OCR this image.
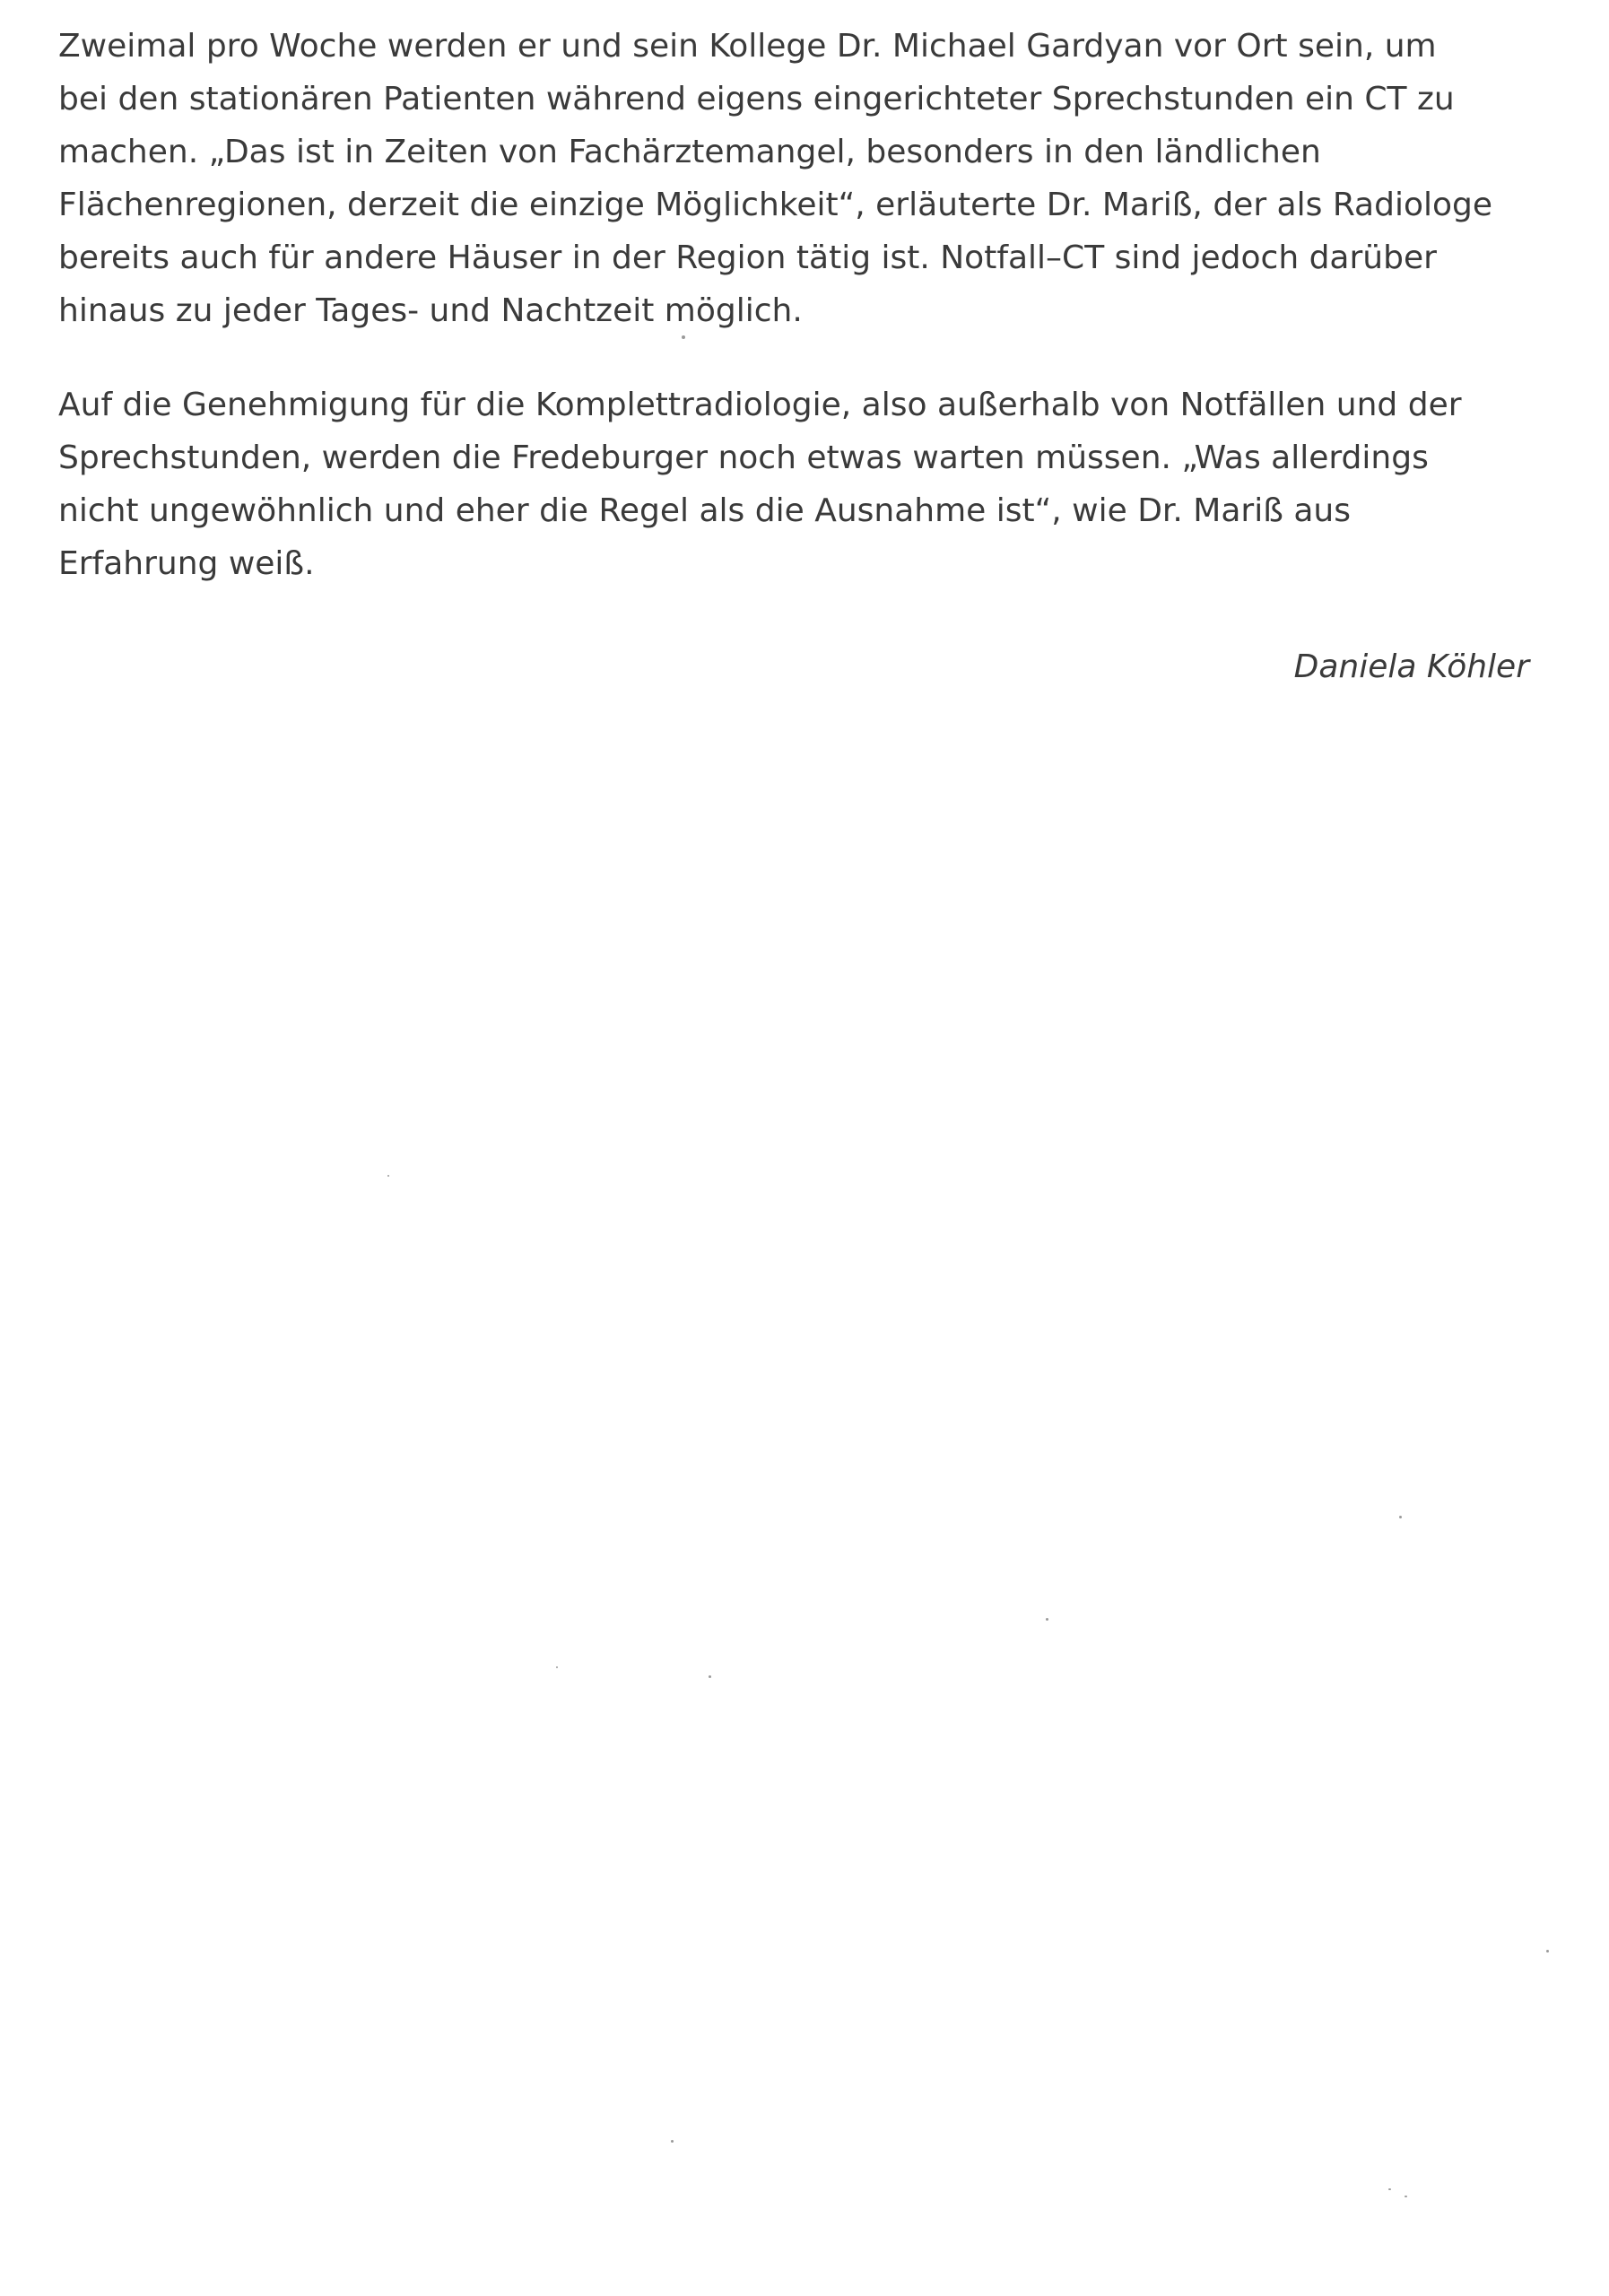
Zweimal pro Woche werden er und sein Kollege Dr. Michael Gardyan vor Ort sein, um
bei den stationären Patienten während eigens eingerichteter Sprechstunden ein CT zu
machen. „Das ist in Zeiten von Fachärztemangel, besonders in den ländlichen
Flächenregionen, derzeit die einzige Möglichkeit“, erläuterte Dr. Mariß, der als Radiologe
bereits auch für andere Häuser in der Region tätig ist. Notfall–CT sind jedoch darüber
hinaus zu jeder Tages- und Nachtzeit möglich.

Auf die Genehmigung für die Komplettradiologie, also außerhalb von Notfällen und der
Sprechstunden, werden die Fredeburger noch etwas warten müssen. „Was allerdings
nicht ungewöhnlich und eher die Regel als die Ausnahme ist“, wie Dr. Mariß aus
Erfahrung weiß.

Daniela Köhler
